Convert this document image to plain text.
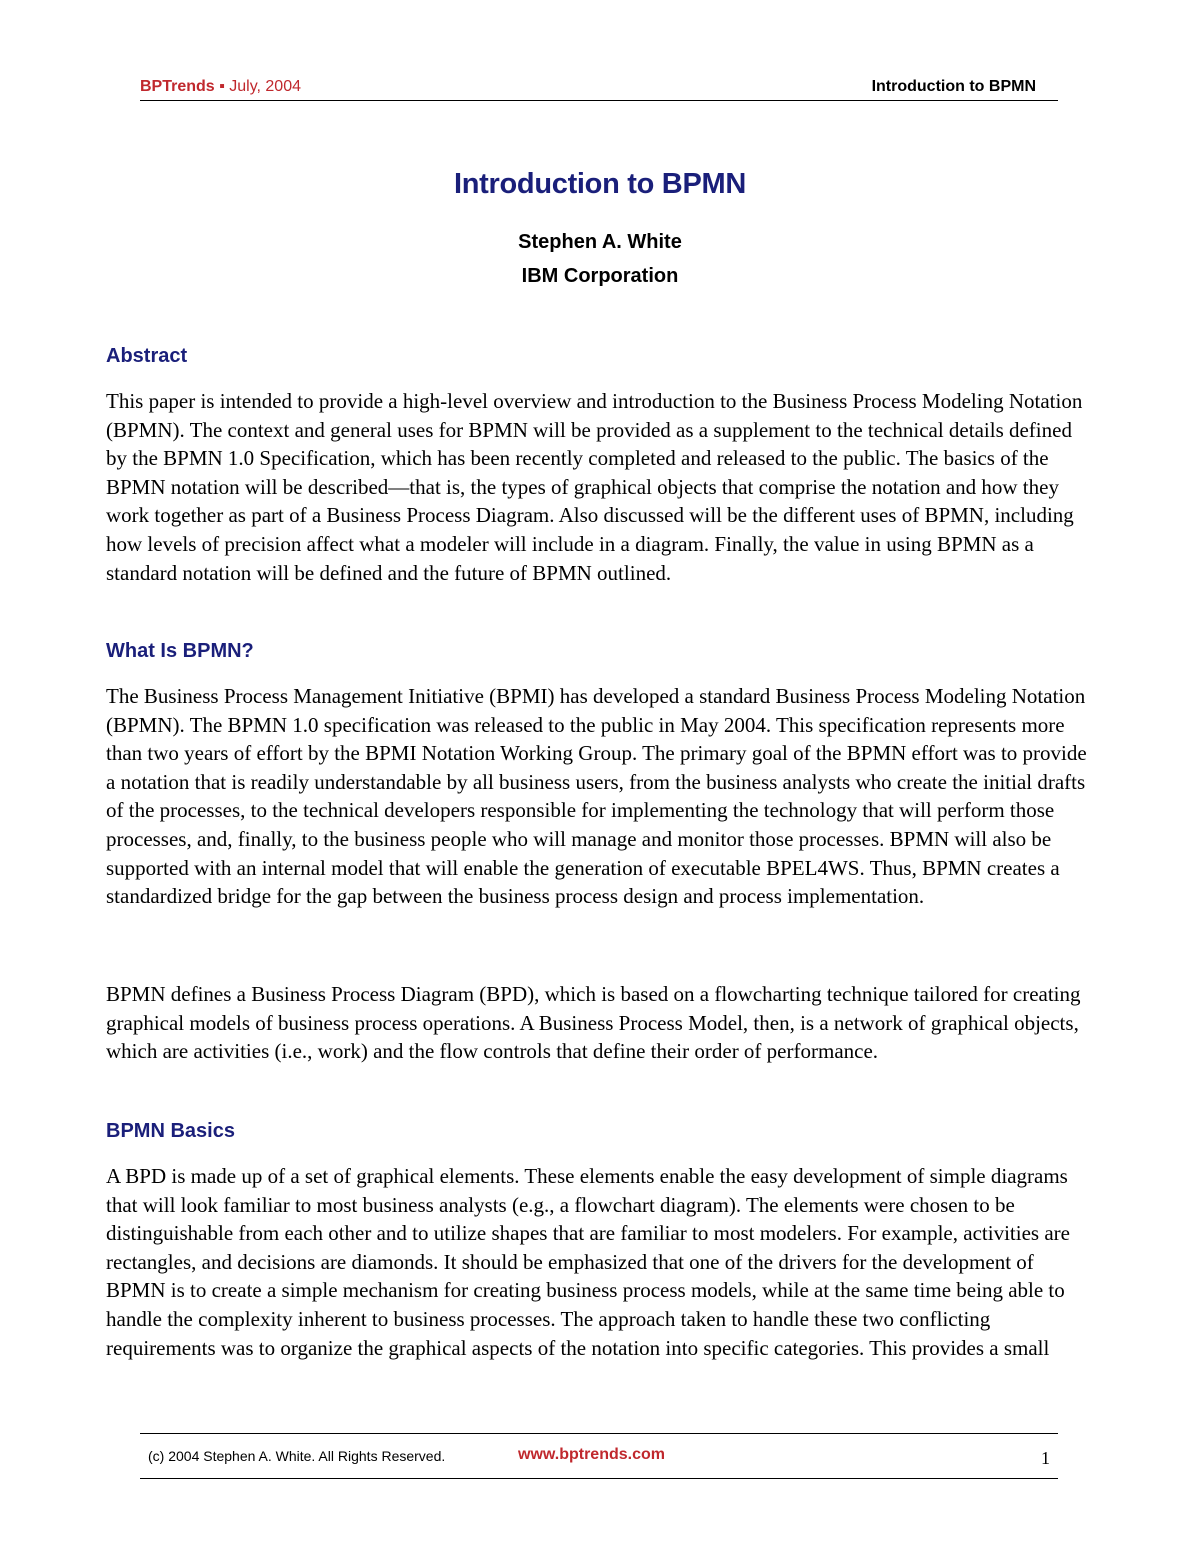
BPTrends ▪ July, 2004	Introduction to BPMN
Introduction to BPMN
Stephen A. White
IBM Corporation
Abstract
This paper is intended to provide a high-level overview and introduction to the Business Process Modeling Notation (BPMN). The context and general uses for BPMN will be provided as a supplement to the technical details defined by the BPMN 1.0 Specification, which has been recently completed and released to the public. The basics of the BPMN notation will be described—that is, the types of graphical objects that comprise the notation and how they work together as part of a Business Process Diagram. Also discussed will be the different uses of BPMN, including how levels of precision affect what a modeler will include in a diagram. Finally, the value in using BPMN as a standard notation will be defined and the future of BPMN outlined.
What Is BPMN?
The Business Process Management Initiative (BPMI) has developed a standard Business Process Modeling Notation (BPMN). The BPMN 1.0 specification was released to the public in May 2004. This specification represents more than two years of effort by the BPMI Notation Working Group. The primary goal of the BPMN effort was to provide a notation that is readily understandable by all business users, from the business analysts who create the initial drafts of the processes, to the technical developers responsible for implementing the technology that will perform those processes, and, finally, to the business people who will manage and monitor those processes. BPMN will also be supported with an internal model that will enable the generation of executable BPEL4WS. Thus, BPMN creates a standardized bridge for the gap between the business process design and process implementation.
BPMN defines a Business Process Diagram (BPD), which is based on a flowcharting technique tailored for creating graphical models of business process operations. A Business Process Model, then, is a network of graphical objects, which are activities (i.e., work) and the flow controls that define their order of performance.
BPMN Basics
A BPD is made up of a set of graphical elements. These elements enable the easy development of simple diagrams that will look familiar to most business analysts (e.g., a flowchart diagram). The elements were chosen to be distinguishable from each other and to utilize shapes that are familiar to most modelers. For example, activities are rectangles, and decisions are diamonds. It should be emphasized that one of the drivers for the development of BPMN is to create a simple mechanism for creating business process models, while at the same time being able to handle the complexity inherent to business processes. The approach taken to handle these two conflicting requirements was to organize the graphical aspects of the notation into specific categories. This provides a small
(c) 2004 Stephen A. White. All Rights Reserved.	www.bptrends.com	1
